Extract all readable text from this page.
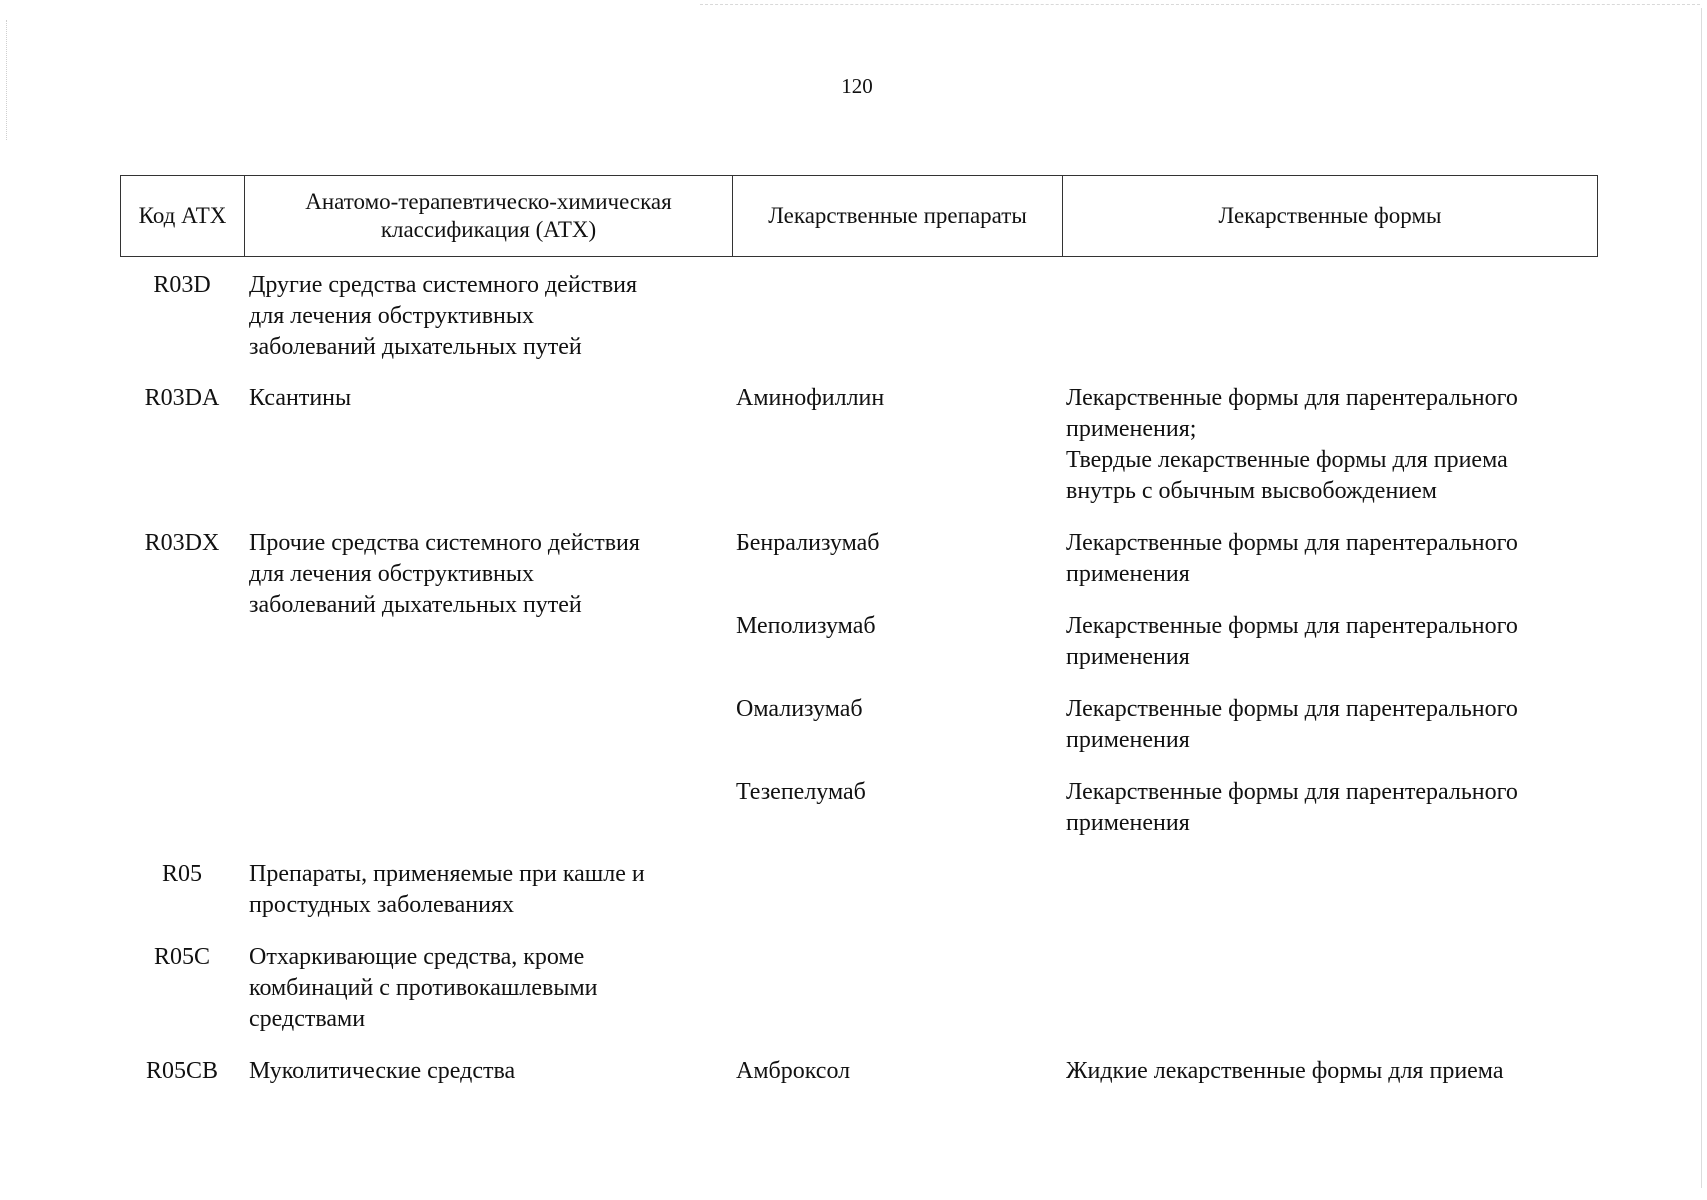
120
Код АТХ	Анатомо-терапевтическо-химическая классификация (АТХ)	Лекарственные препараты	Лекарственные формы
R03D	Другие средства системного действия
для лечения обструктивных
заболеваний дыхательных путей
R03DA	Ксантины	Аминофиллин	Лекарственные формы для парентерального
применения;
Твердые лекарственные формы для приема
внутрь с обычным высвобождением
R03DX	Прочие средства системного действия
для лечения обструктивных
заболеваний дыхательных путей
Бенрализумаб	Лекарственные формы для парентерального
применения
Меполизумаб	Лекарственные формы для парентерального
применения
Омализумаб	Лекарственные формы для парентерального
применения
Тезепелумаб	Лекарственные формы для парентерального
применения
R05	Препараты, применяемые при кашле и
простудных заболеваниях
R05C	Отхаркивающие средства, кроме
комбинаций с противокашлевыми
средствами
R05CB	Муколитические средства	Амброксол	Жидкие лекарственные формы для приема
